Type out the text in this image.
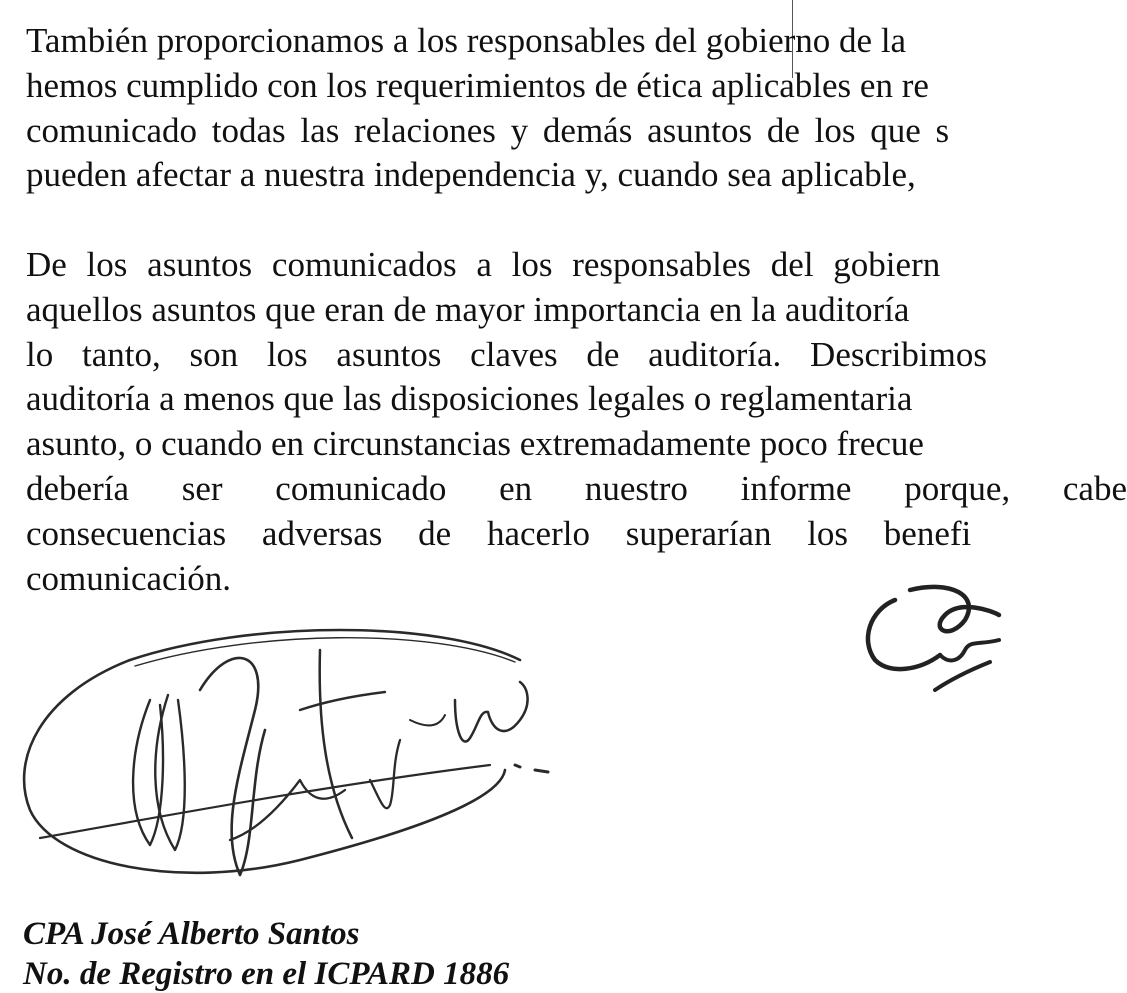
También proporcionamos a los responsables del gobierno de la
hemos cumplido con los requerimientos de ética aplicables en re
comunicado todas las relaciones y demás asuntos de los que s
pueden afectar a nuestra independencia y, cuando sea aplicable,
De los asuntos comunicados a los responsables del gobiern
aquellos asuntos que eran de mayor importancia en la auditoría
lo tanto, son los asuntos claves de auditoría. Describimos
auditoría a menos que las disposiciones legales o reglamentaria
asunto, o cuando en circunstancias extremadamente poco frecue
debería ser comunicado en nuestro informe porque, cabe
consecuencias adversas de hacerlo superarían los benefi
comunicación.
CPA José Alberto Santos
No. de Registro en el ICPARD 1886
